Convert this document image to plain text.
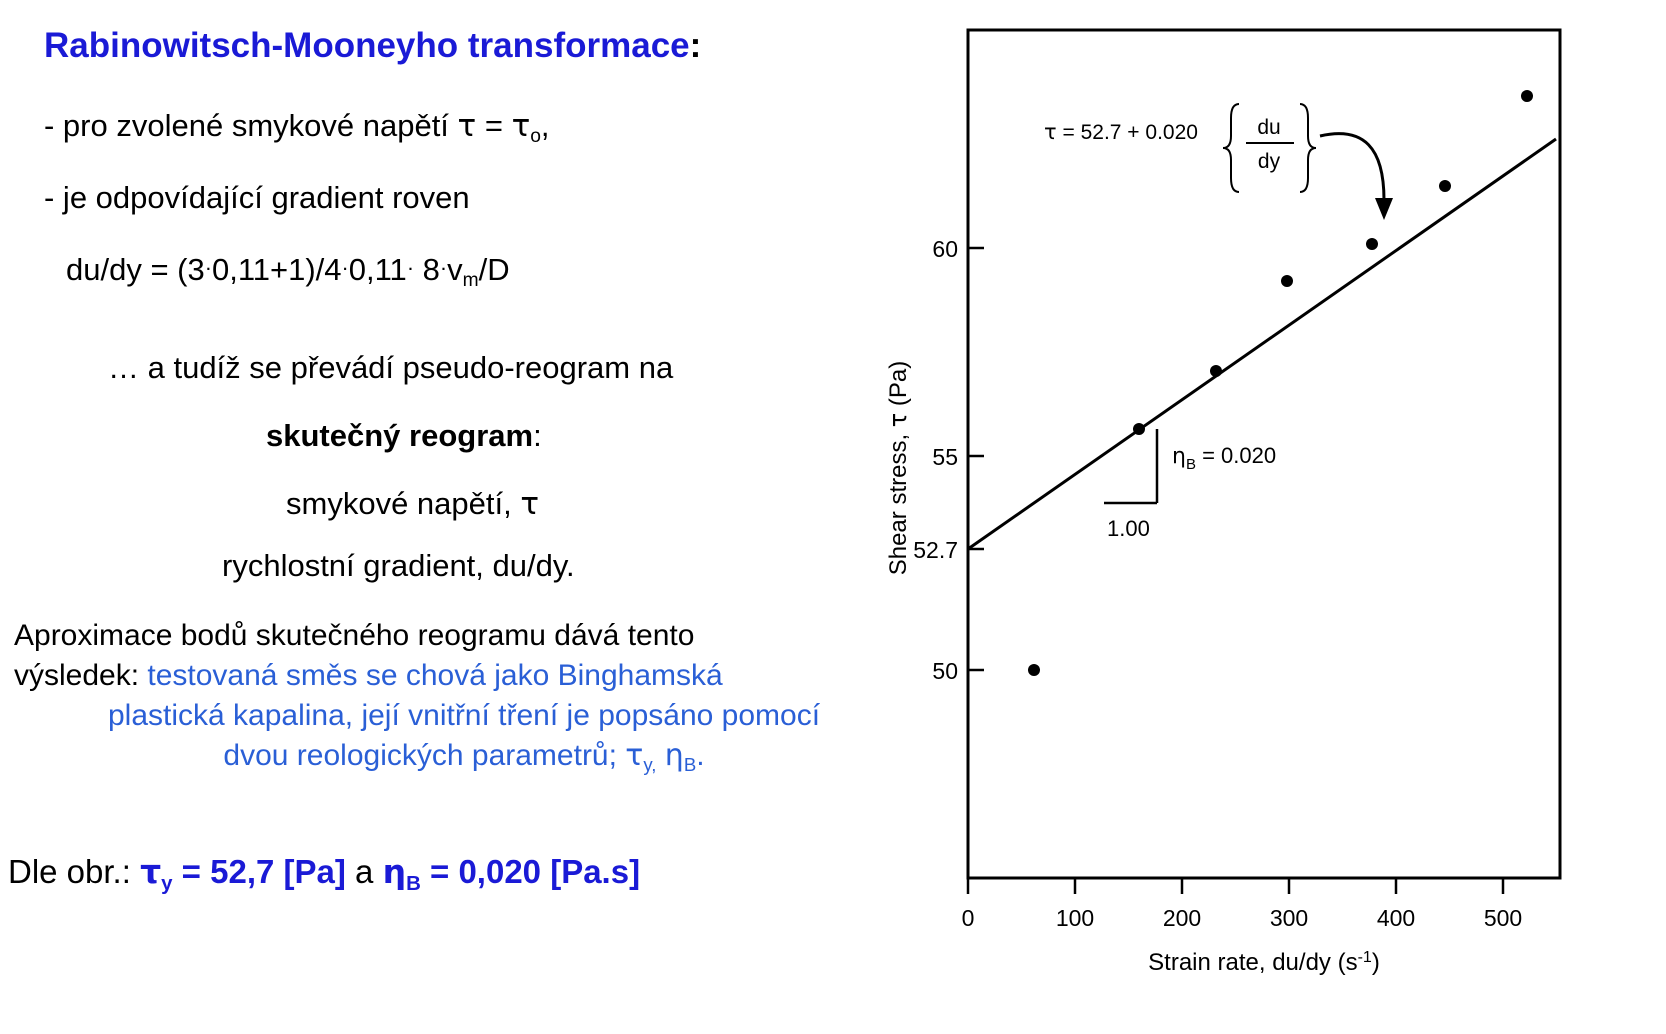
Rabinowitsch-Mooneyho transformace:
- pro zvolené smykové napětí $\tau = \tau_o$,
- je odpovídající gradient roven
$du/dy = (3\cdot 0,11+1)/4\cdot 0,11\cdot 8\cdot v_m/D$
… a tudíž se převádí pseudo-reogram na
skutečný reogram:
smykové napětí, τ
rychlostní gradient, du/dy.
Aproximace bodů skutečného reogramu dává tento
výsledek: testovaná směs se chová jako Binghamská
plastická kapalina, její vnitřní tření je popsáno pomocí
dvou reologických parametrů; $\tau_{y,}$ $\eta_B$.
Dle obr.: $\tau_y = 52,7$ [Pa] a $\eta_B = 0,020$ [Pa.s]
60
55
52.7
50
0	100	200	300	400	500
Strain rate, du/dy $(s^{-1})$
Shear stress, τ (Pa)
$\eta_B = 0.020$
1.00
τ = 52.7 + 0.020	du
dy
